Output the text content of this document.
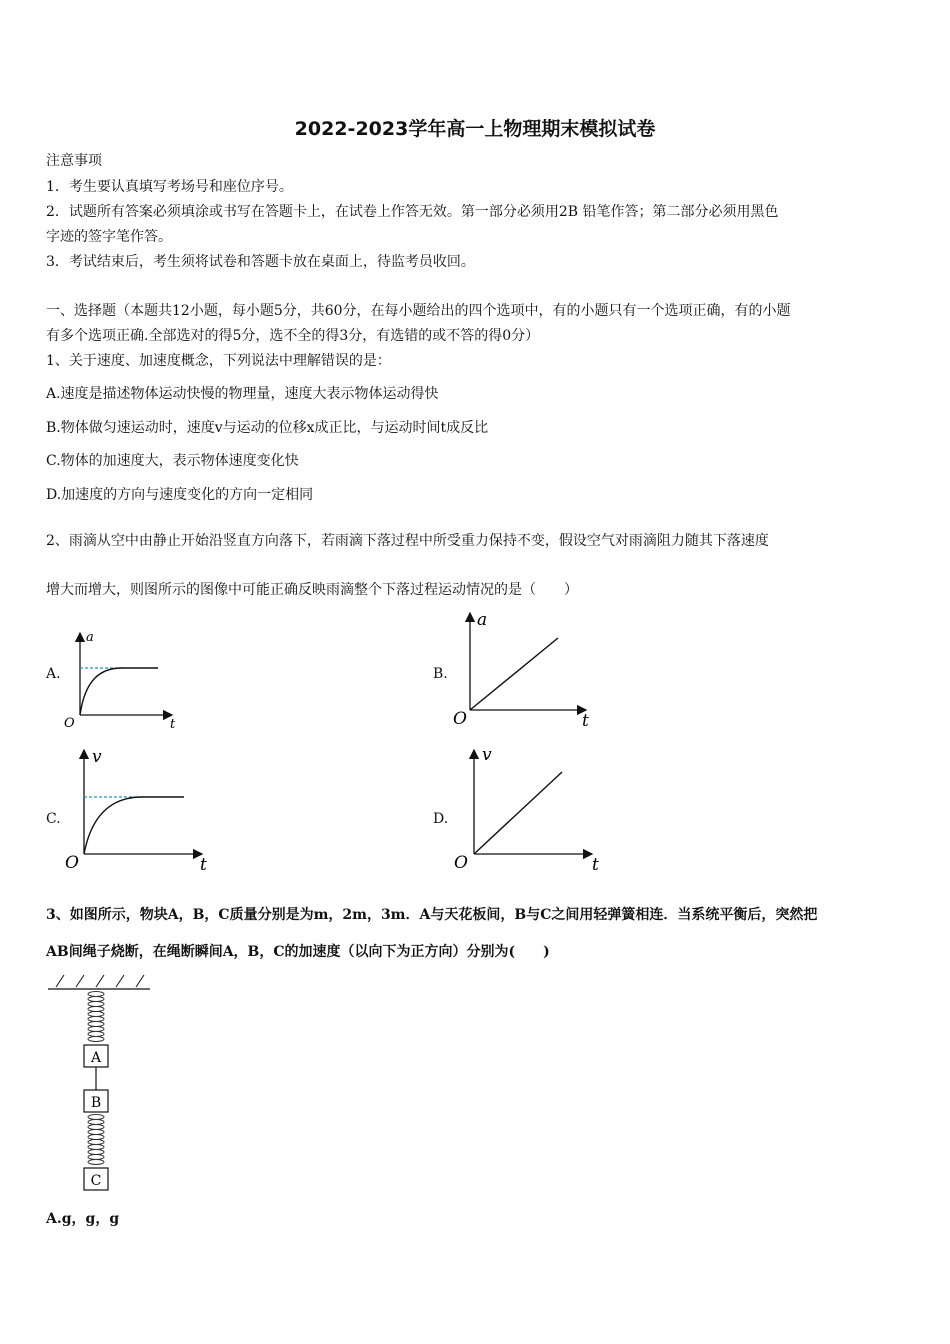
2022-2023学年高一上物理期末模拟试卷
注意事项
1．考生要认真填写考场号和座位序号。
2．试题所有答案必须填涂或书写在答题卡上，在试卷上作答无效。第一部分必须用2B 铅笔作答；第二部分必须用黑色
字迹的签字笔作答。
3．考试结束后，考生须将试卷和答题卡放在桌面上，待监考员收回。
一、选择题（本题共12小题，每小题5分，共60分，在每小题给出的四个选项中，有的小题只有一个选项正确，有的小题
有多个选项正确.全部选对的得5分，选不全的得3分，有选错的或不答的得0分）
1、关于速度、加速度概念，下列说法中理解错误的是：
A.速度是描述物体运动快慢的物理量，速度大表示物体运动得快
B.物体做匀速运动时，速度v与运动的位移x成正比，与运动时间t成反比
C.物体的加速度大，表示物体速度变化快
D.加速度的方向与速度变化的方向一定相同
2、雨滴从空中由静止开始沿竖直方向落下，若雨滴下落过程中所受重力保持不变，假设空气对雨滴阻力随其下落速度
增大而增大，则图所示的图像中可能正确反映雨滴整个下落过程运动情况的是（　　）
A.
a
t
O
B.
a
t
O
C.
v
t
O
D.
v
t
O
3、如图所示，物块A，B，C质量分别是为m，2m，3m．A与天花板间，B与C之间用轻弹簧相连．当系统平衡后，突然把
AB间绳子烧断，在绳断瞬间A，B，C的加速度（以向下为正方向）分别为(　　)
A
B
C
A.g，g，g
